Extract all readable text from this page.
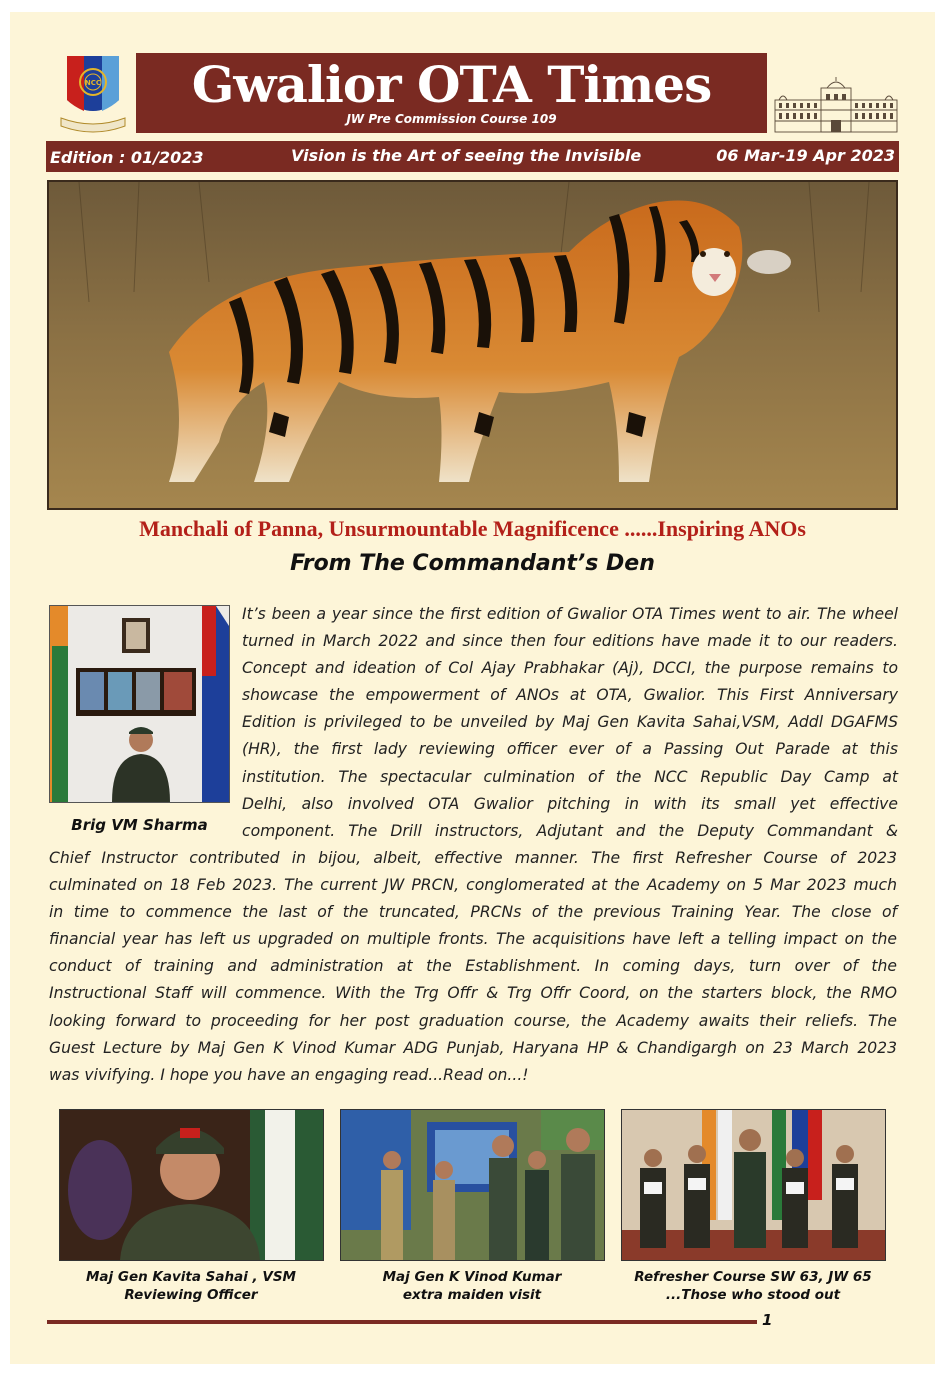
NCC	Gwalior OTA Times
JW Pre Commission Course 109
Edition : 01/2023	Vision is the Art of seeing the Invisible	06 Mar-19 Apr 2023
Manchali of Panna, Unsurmountable Magnificence ......Inspiring ANOs
From The Commandant’s Den
Brig VM Sharma
It’s been a year since the first edition of Gwalior OTA Times went to air. The wheel
turned in March 2022 and since then four editions have made it to our readers.
Concept and ideation of Col Ajay Prabhakar (Aj), DCCI, the purpose remains to
showcase the empowerment of ANOs at OTA, Gwalior. This First Anniversary
Edition is privileged to be unveiled by Maj Gen Kavita Sahai,VSM, Addl DGAFMS
(HR), the first lady reviewing officer ever of a Passing Out Parade at this
institution. The spectacular culmination of the NCC Republic Day Camp at
Delhi, also involved OTA Gwalior pitching in with its small yet effective
component. The Drill instructors, Adjutant and the Deputy Commandant &
Chief Instructor contributed in bijou, albeit, effective manner. The first Refresher Course of 2023
culminated on 18 Feb 2023. The current JW PRCN, conglomerated at the Academy on 5 Mar 2023 much
in time to commence the last of the truncated, PRCNs of the previous Training Year. The close of
financial year has left us upgraded on multiple fronts. The acquisitions have left a telling impact on the
conduct of training and administration at the Establishment. In coming days, turn over of the
Instructional Staff will commence. With the Trg Offr & Trg Offr Coord, on the starters block, the RMO
looking forward to proceeding for her post graduation course, the Academy awaits their reliefs. The
Guest Lecture by Maj Gen K Vinod Kumar ADG Punjab, Haryana HP & Chandigargh on 23 March 2023
was vivifying. I hope you have an engaging read...Read on...!
Maj Gen Kavita Sahai , VSM
Reviewing Officer
Maj Gen K Vinod Kumar
extra maiden visit
Refresher Course SW 63, JW 65
...Those who stood out
1
